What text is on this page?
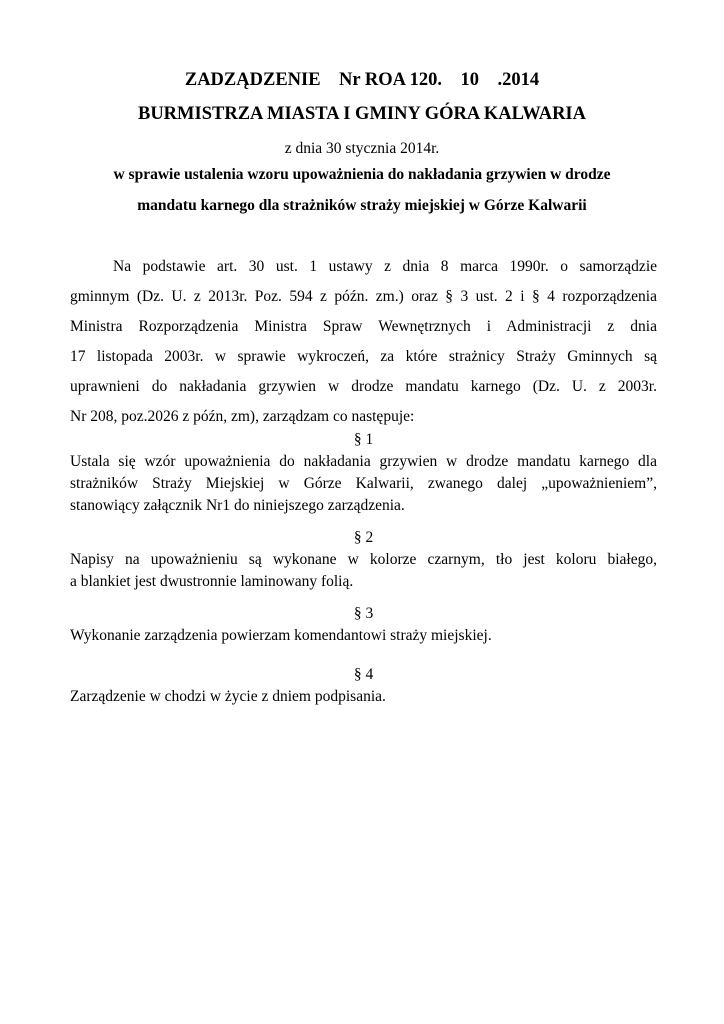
ZADZĄDZENIE    Nr ROA 120.    10    .2014
BURMISTRZA MIASTA I GMINY GÓRA KALWARIA
z dnia 30 stycznia 2014r.
w sprawie ustalenia wzoru upoważnienia do nakładania grzywien w drodze
mandatu karnego dla strażników straży miejskiej w Górze Kalwarii
Na podstawie art. 30 ust. 1 ustawy z dnia 8 marca 1990r. o samorządzie
gminnym (Dz. U. z 2013r. Poz. 594 z późn. zm.) oraz § 3 ust. 2 i § 4 rozporządzenia
Ministra Rozporządzenia Ministra Spraw Wewnętrznych i Administracji z dnia
17 listopada 2003r. w sprawie wykroczeń, za które strażnicy Straży Gminnych są
uprawnieni do nakładania grzywien w drodze mandatu karnego (Dz. U. z 2003r.
Nr 208, poz.2026 z późn, zm), zarządzam co następuje:
§ 1
Ustala się wzór upoważnienia do nakładania grzywien w drodze mandatu karnego dla
strażników Straży Miejskiej w Górze Kalwarii, zwanego dalej „upoważnieniem”,
stanowiący załącznik Nr1 do niniejszego zarządzenia.
§ 2
Napisy na upoważnieniu są wykonane w kolorze czarnym, tło jest koloru białego,
a blankiet jest dwustronnie laminowany folią.
§ 3
Wykonanie zarządzenia powierzam komendantowi straży miejskiej.
§ 4
Zarządzenie w chodzi w życie z dniem podpisania.
